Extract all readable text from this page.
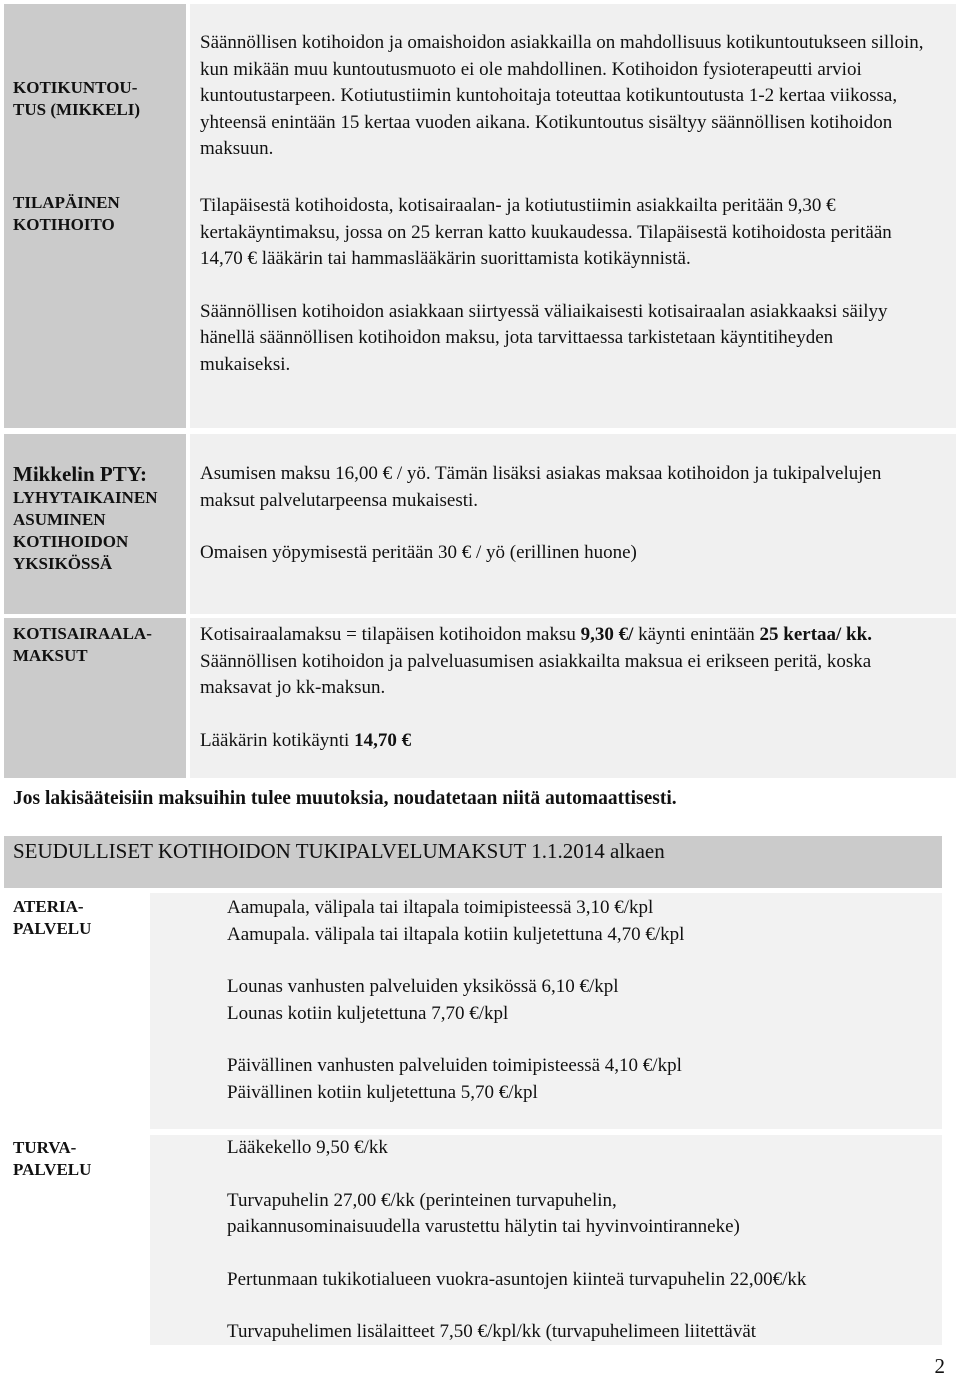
KOTIKUNTOU-
TUS (MIKKELI)

Säännöllisen kotihoidon ja omaishoidon asiakkailla on mahdollisuus kotikuntoutukseen silloin, kun mikään muu kuntoutusmuoto ei ole mahdollinen. Kotihoidon fysioterapeutti arvioi kuntoutustarpeen. Kotiutustiimin kuntohoitaja toteuttaa kotikuntoutusta 1-2 kertaa viikossa, yhteensä enintään 15 kertaa vuoden aikana. Kotikuntoutus sisältyy säännöllisen kotihoidon maksuun.

TILAPÄINEN
KOTIHOITO

Tilapäisestä kotihoidosta, kotisairaalan- ja kotiutustiimin asiakkailta peritään 9,30 € kertakäyntimaksu, jossa on 25 kerran katto kuukaudessa. Tilapäisestä kotihoidosta peritään 14,70 € lääkärin tai hammaslääkärin suorittamista kotikäynnistä.

Säännöllisen kotihoidon asiakkaan siirtyessä väliaikaisesti kotisairaalan asiakkaaksi säilyy hänellä säännöllisen kotihoidon maksu, jota tarvittaessa tarkistetaan käyntitiheyden mukaiseksi.

Mikkelin PTY:
LYHYTAIKAINEN
ASUMINEN
KOTIHOIDON
YKSIKÖSSÄ

Asumisen maksu 16,00 € / yö. Tämän lisäksi asiakas maksaa kotihoidon ja tukipalvelujen maksut palvelutarpeensa mukaisesti.

Omaisen yöpymisestä peritään 30 € / yö (erillinen huone)

KOTISAIRAALA-
MAKSUT

Kotisairaalamaksu = tilapäisen kotihoidon maksu 9,30 €/ käynti enintään 25 kertaa/ kk. Säännöllisen kotihoidon ja palveluasumisen asiakkailta maksua ei erikseen peritä, koska maksavat jo kk-maksun.

Lääkärin kotikäynti 14,70 €

Jos lakisääteisiin maksuihin tulee muutoksia, noudatetaan niitä automaattisesti.
SEUDULLISET KOTIHOIDON TUKIPALVELUMAKSUT 1.1.2014 alkaen
ATERIA-
PALVELU

Aamupala, välipala tai iltapala toimipisteessä 3,10 €/kpl

Aamupala. välipala tai iltapala kotiin kuljetettuna 4,70 €/kpl

Lounas vanhusten palveluiden yksikössä 6,10 €/kpl

Lounas kotiin kuljetettuna 7,70 €/kpl

Päivällinen vanhusten palveluiden toimipisteessä 4,10 €/kpl

Päivällinen kotiin kuljetettuna 5,70 €/kpl

TURVA-
PALVELU

Lääkekello 9,50 €/kk

Turvapuhelin 27,00 €/kk (perinteinen turvapuhelin,

paikannusominaisuudella varustettu hälytin tai hyvinvointiranneke)

Pertunmaan tukikotialueen vuokra-asuntojen kiinteä turvapuhelin 22,00€/kk

Turvapuhelimen lisälaitteet 7,50 €/kpl/kk (turvapuhelimeen liitettävät

2
